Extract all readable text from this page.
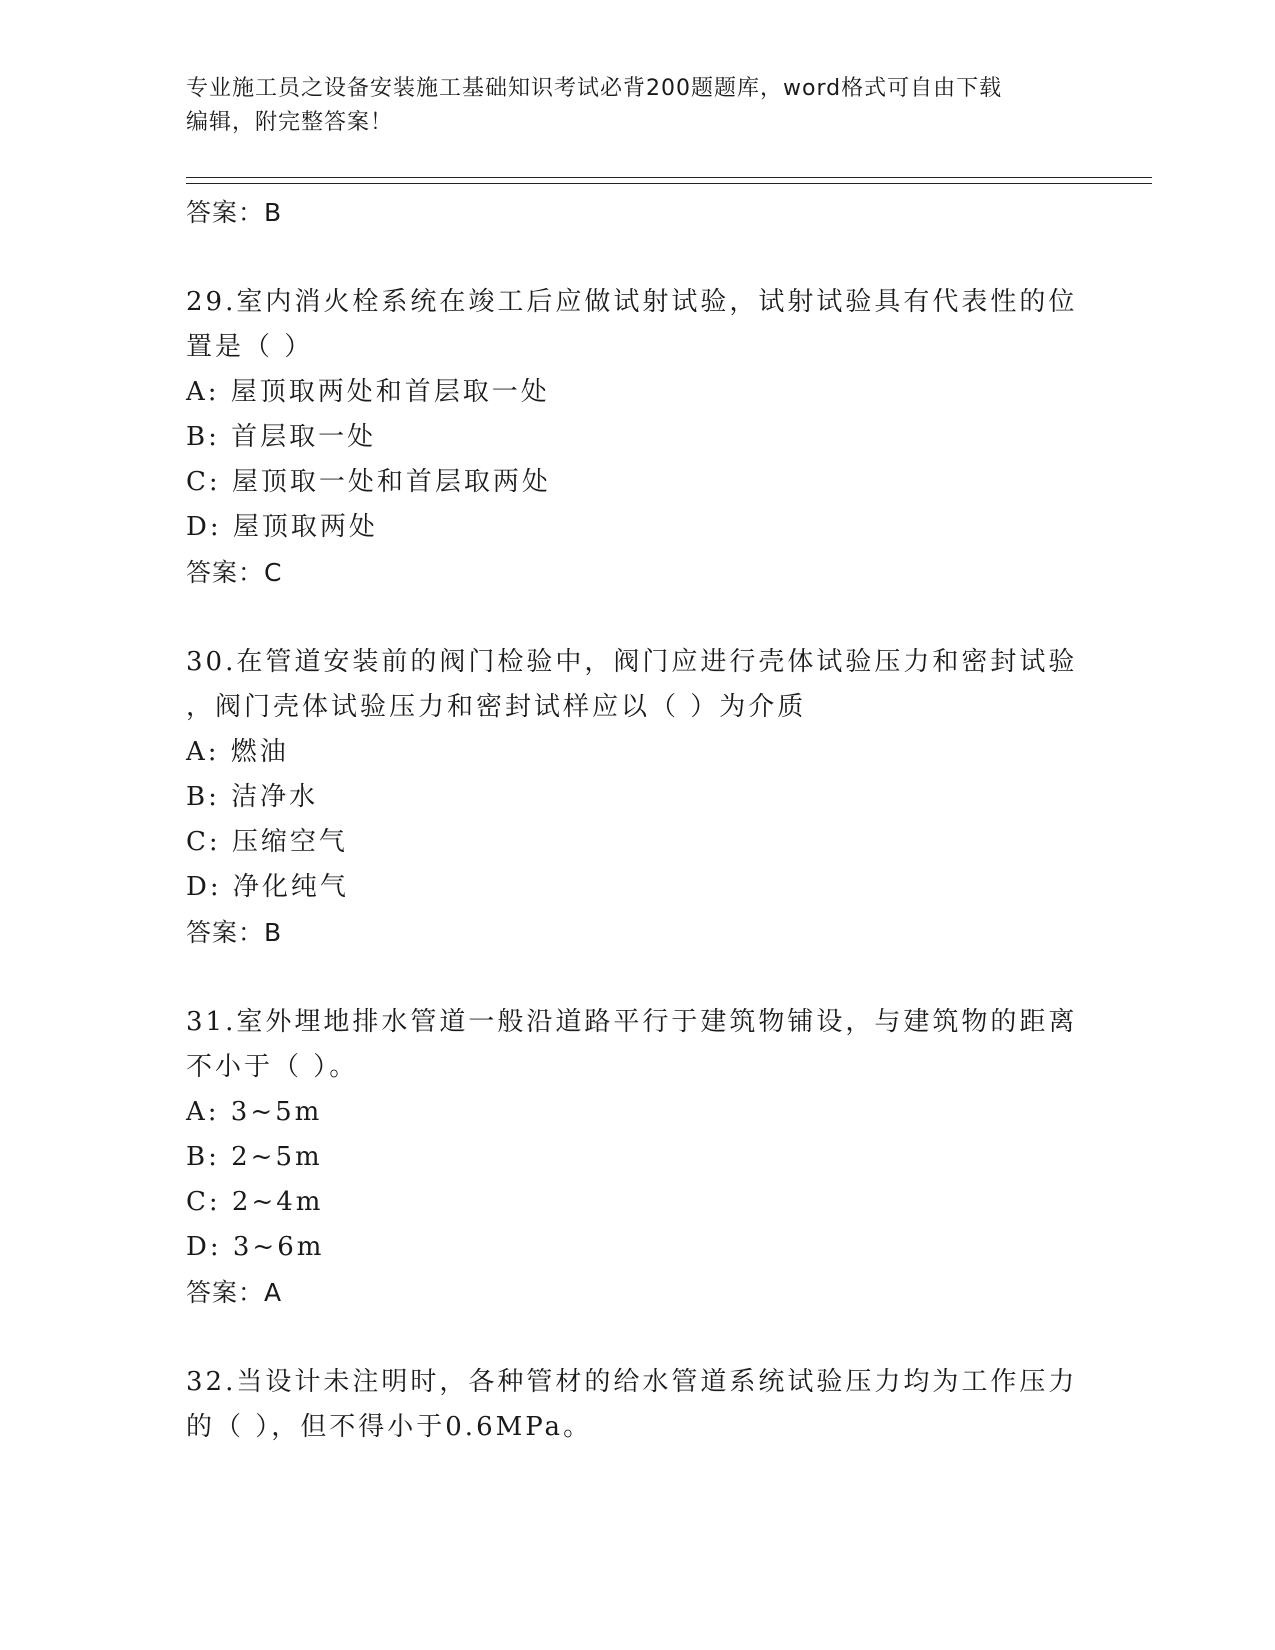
专业施工员之设备安装施工基础知识考试必背200题题库，word格式可自由下载
编辑，附完整答案！
答案：B
29.室内消火栓系统在竣工后应做试射试验，试射试验具有代表性的位
置是（ ）
A: 屋顶取两处和首层取一处
B: 首层取一处
C: 屋顶取一处和首层取两处
D: 屋顶取两处
答案：C
30.在管道安装前的阀门检验中，阀门应进行壳体试验压力和密封试验
，阀门壳体试验压力和密封试样应以（ ）为介质
A: 燃油
B: 洁净水
C: 压缩空气
D: 净化纯气
答案：B
31.室外埋地排水管道一般沿道路平行于建筑物铺设，与建筑物的距离
不小于（ ）。
A: 3~5m
B: 2~5m
C: 2~4m
D: 3~6m
答案：A
32.当设计未注明时，各种管材的给水管道系统试验压力均为工作压力
的（ ），但不得小于0.6MPa。
